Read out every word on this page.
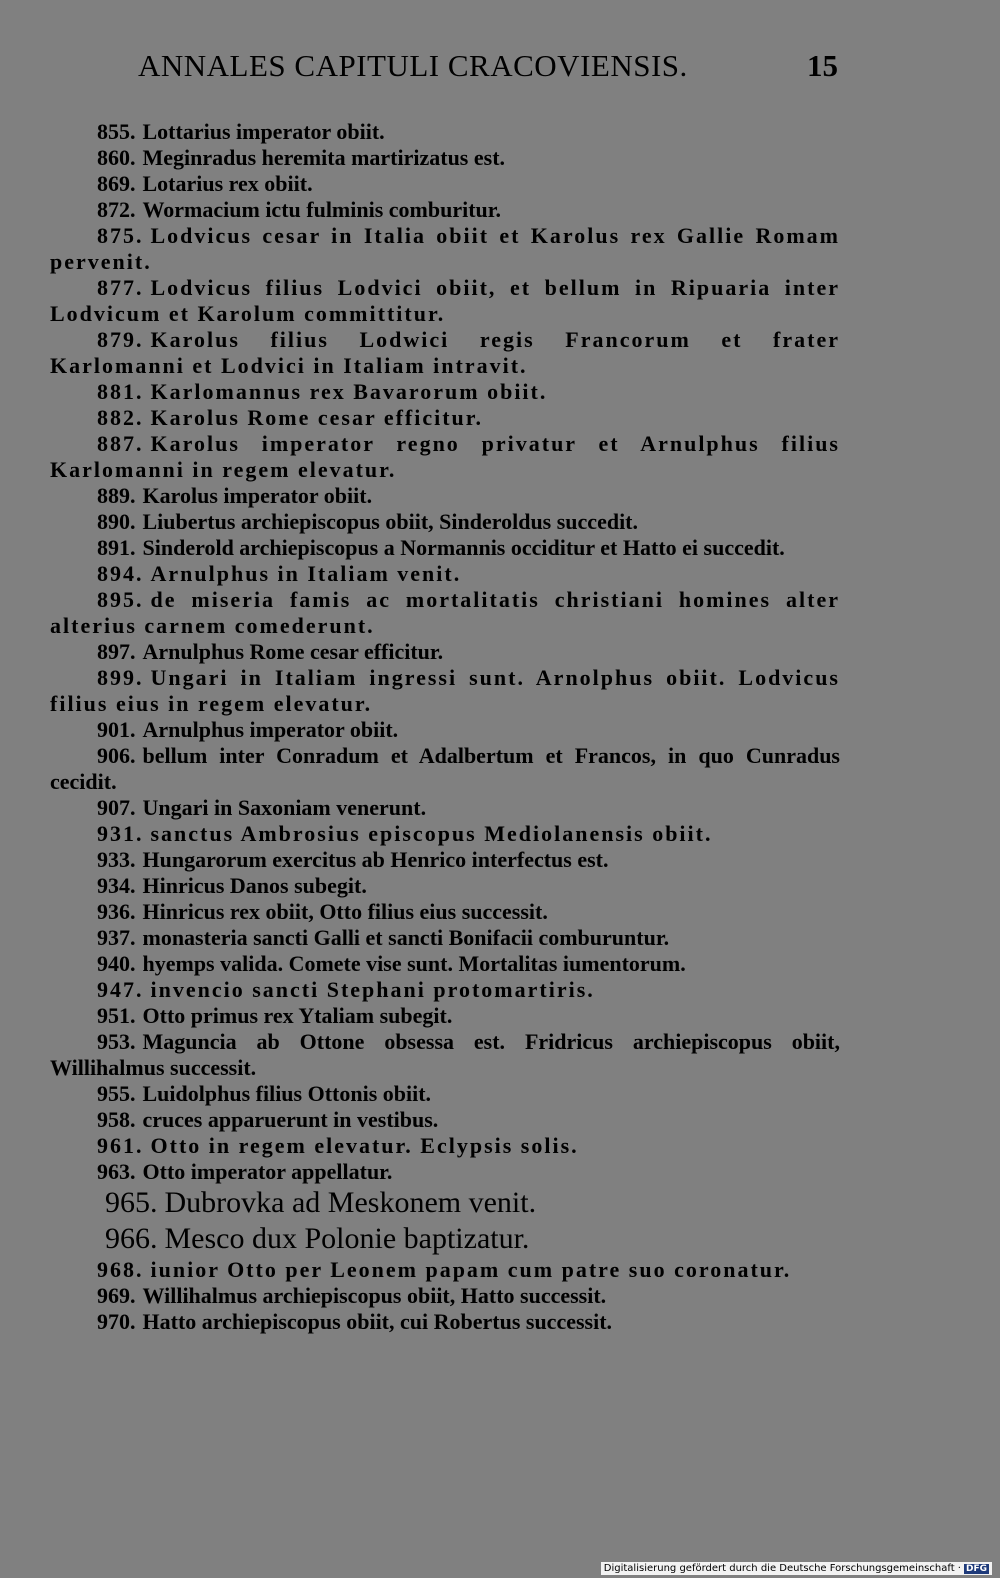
ANNALES CAPITULI CRACOVIENSIS.	15

855. Lottarius imperator obiit.

860. Meginradus heremita martirizatus est.

869. Lotarius rex obiit.

872. Wormacium ictu fulminis comburitur.

875. Lodvicus cesar in Italia obiit et Karolus rex Gallie Romam pervenit.

877. Lodvicus filius Lodvici obiit, et bellum in Ripuaria inter Lodvicum et Karolum committitur.

879. Karolus filius Lodwici regis Francorum et frater Karlomanni et Lodvici in Italiam intravit.

881. Karlomannus rex Bavarorum obiit.

882. Karolus Rome cesar efficitur.

887. Karolus imperator regno privatur et Arnulphus filius Karlomanni in regem elevatur.

889. Karolus imperator obiit.

890. Liubertus archiepiscopus obiit, Sinderoldus succedit.

891. Sinderold archiepiscopus a Normannis occiditur et Hatto ei succedit.

894. Arnulphus in Italiam venit.

895. de miseria famis ac mortalitatis christiani homines alter alterius carnem comederunt.

897. Arnulphus Rome cesar efficitur.

899. Ungari in Italiam ingressi sunt. Arnolphus obiit. Lodvicus filius eius in regem elevatur.

901. Arnulphus imperator obiit.

906. bellum inter Conradum et Adalbertum et Francos, in quo Cunradus cecidit.

907. Ungari in Saxoniam venerunt.

931. sanctus Ambrosius episcopus Mediolanensis obiit.

933. Hungarorum exercitus ab Henrico interfectus est.

934. Hinricus Danos subegit.

936. Hinricus rex obiit, Otto filius eius successit.

937. monasteria sancti Galli et sancti Bonifacii comburuntur.

940. hyemps valida. Comete vise sunt. Mortalitas iumentorum.

947. invencio sancti Stephani protomartiris.

951. Otto primus rex Ytaliam subegit.

953. Maguncia ab Ottone obsessa est. Fridricus archiepiscopus obiit, Willihalmus successit.

955. Luidolphus filius Ottonis obiit.

958. cruces apparuerunt in vestibus.

961. Otto in regem elevatur. Eclypsis solis.

963. Otto imperator appellatur.

965. Dubrovka ad Meskonem venit.

966. Mesco dux Polonie baptizatur.

968. iunior Otto per Leonem papam cum patre suo coronatur.

969. Willihalmus archiepiscopus obiit, Hatto successit.

970. Hatto archiepiscopus obiit, cui Robertus successit.

Digitalisierung gefördert durch die Deutsche Forschungsgemeinschaft · DFG
